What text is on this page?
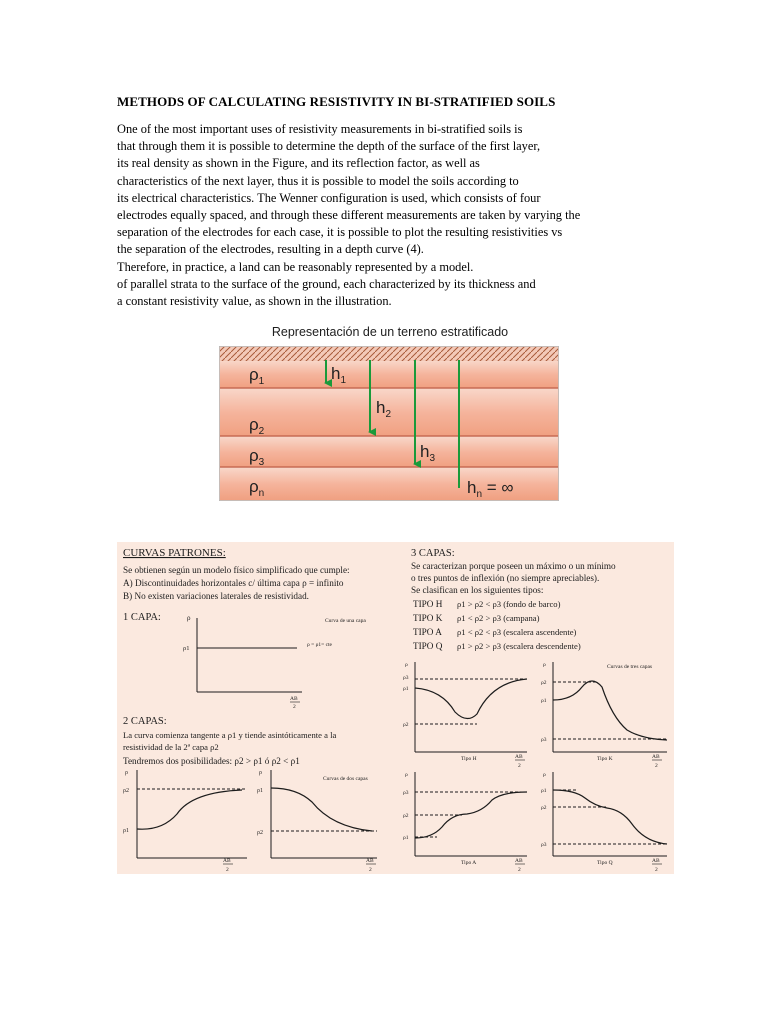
METHODS OF CALCULATING RESISTIVITY IN BI-STRATIFIED SOILS
One of the most important uses of resistivity measurements in bi-stratified soils is
that through them it is possible to determine the depth of the surface of the first layer,
its real density as shown in the Figure, and its reflection factor, as well as
characteristics of the next layer, thus it is possible to model the soils according to
its electrical characteristics. The Wenner configuration is used, which consists of four
electrodes equally spaced, and through these different measurements are taken by varying the
separation of the electrodes for each case, it is possible to plot the resulting resistivities vs
the separation of the electrodes, resulting in a depth curve (4).
Therefore, in practice, a land can be reasonably represented by a model.
of parallel strata to the surface of the ground, each characterized by its thickness and
a constant resistivity value, as shown in the illustration.
Representación de un terreno estratificado
$\rho_1$
$\rho_2$
$\rho_3$
$\rho_n$
$h_1$
$h_2$
$h_3$
$h_n$ = ∞
CURVAS PATRONES:
Se obtienen según un modelo físico simplificado que cumple:
A) Discontinuidades horizontales c/ última capa ρ = infinito
B) No existen variaciones laterales de resistividad.
1 CAPA:
2 CAPAS:
La curva comienza tangente a ρ1 y tiende asintóticamente a la
resistividad de la 2ª capa ρ2
Tendremos dos posibilidades: ρ2 > ρ1 ó ρ2 < ρ1
ρ
ρ1
Curva de una capa
ρ = ρ1= cte
AB
2
ρ
ρ2
ρ1
AB
2
ρ
ρ1
ρ2
Curvas de dos capas
AB
2
3 CAPAS:
Se caracterizan porque poseen un máximo o un mínimo
o tres puntos de inflexión (no siempre apreciables).
Se clasifican en los siguientes tipos:
TIPO H ρ1 > ρ2 < ρ3 (fondo de barco)
TIPO K ρ1 < ρ2 > ρ3 (campana)
TIPO A ρ1 < ρ2 < ρ3 (escalera ascendente)
TIPO Q ρ1 > ρ2 > ρ3 (escalera descendente)
ρ
ρ3
ρ1
ρ2
Tipo H	AB
2
ρ
ρ2
ρ1
ρ3
Curvas de tres capas
Tipo K	AB
2
ρ
ρ3
ρ2
ρ1
Tipo A	AB
2
ρ
ρ1
ρ2
ρ3
Tipo Q	AB
2
